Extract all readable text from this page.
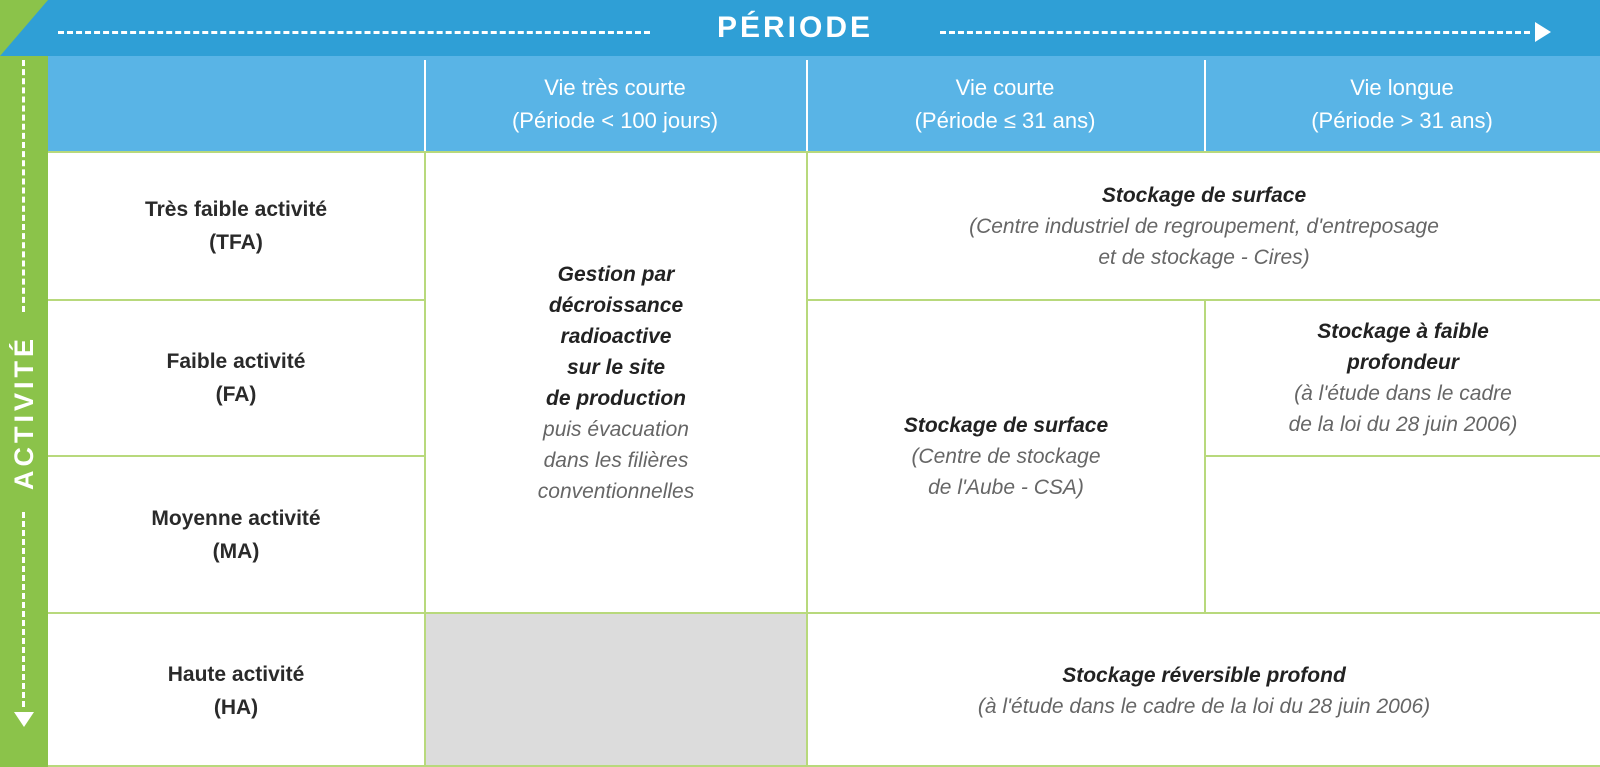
ACTIVITÉ
PÉRIODE
Vie très courte
(Période < 100 jours)
Vie courte
(Période ≤ 31 ans)
Vie longue
(Période > 31 ans)
Très faible activité
(TFA)
Faible activité
(FA)
Moyenne activité
(MA)
Haute activité
(HA)
Gestion par
décroissance
radioactive
sur le site
de production
puis évacuation
dans les filières
conventionnelles
Stockage de surface
(Centre industriel de regroupement, d'entreposage
et de stockage - Cires)
Stockage de surface
(Centre de stockage
de l'Aube - CSA)
Stockage à faible
profondeur
(à l'étude dans le cadre
de la loi du 28 juin 2006)
Stockage réversible profond
(à l'étude dans le cadre de la loi du 28 juin 2006)
